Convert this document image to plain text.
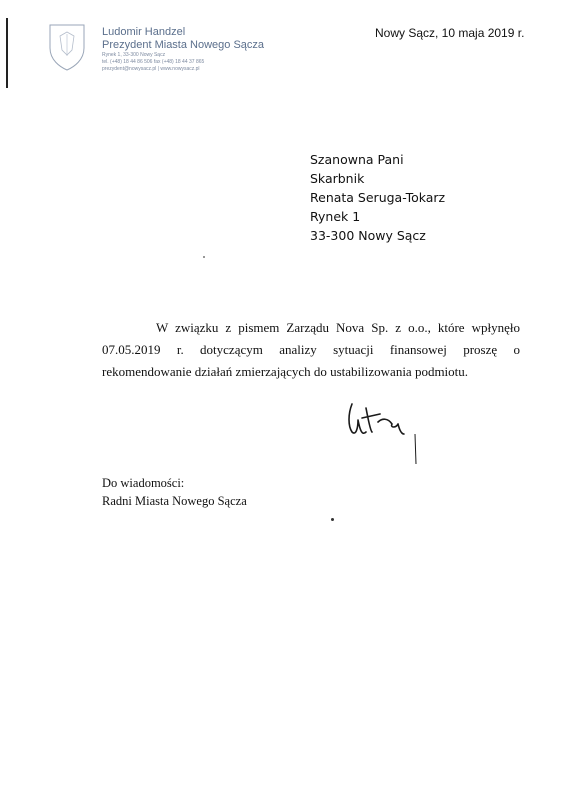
Ludomir Handzel
Prezydent Miasta Nowego Sącza
Rynek 1, 33-300 Nowy Sącz
tel. (+48) 18 44 86 506 fax (+48) 18 44 37 865
prezydent@nowysacz.pl | www.nowysacz.pl
Nowy Sącz, 10 maja 2019 r.
Szanowna Pani
Skarbnik
Renata Seruga-Tokarz
Rynek 1
33-300 Nowy Sącz
W związku z pismem Zarządu Nova Sp. z o.o., które wpłynęło 07.05.2019 r. dotyczącym analizy sytuacji finansowej proszę o rekomendowanie działań zmierzających do ustabilizowania podmiotu.
Do wiadomości:
Radni Miasta Nowego Sącza
